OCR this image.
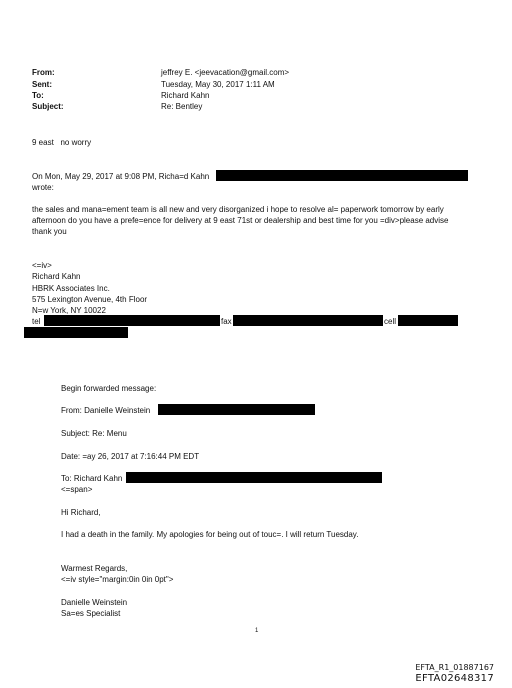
From:	jeffrey E. <jeevacation@gmail.com>
Sent:	Tuesday, May 30, 2017 1:11 AM
To:	Richard Kahn
Subject:	Re: Bentley
9 east   no worry
On Mon, May 29, 2017 at 9:08 PM, Richa=d Kahn
wrote:
the sales and mana=ement team is all new and very disorganized i hope to resolve al= paperwork tomorrow by early
afternoon do you have a prefe=ence for delivery at 9 east 71st or dealership and best time for you =div>please advise
thank you
<=iv>
Richard Kahn
HBRK Associates Inc.
575 Lexington Avenue, 4th Floor
N=w York, NY 10022
tel	fax	cell
Begin forwarded message:
From: Danielle Weinstein
Subject: Re: Menu
Date: =ay 26, 2017 at 7:16:44 PM EDT
To: Richard Kahn
<=span>
Hi Richard,
I had a death in the family. My apologies for being out of touc=. I will return Tuesday.
Warmest Regards,
<=iv style="margin:0in 0in 0pt">
Danielle Weinstein
Sa=es Specialist
1
EFTA_R1_01887167
EFTA02648317
